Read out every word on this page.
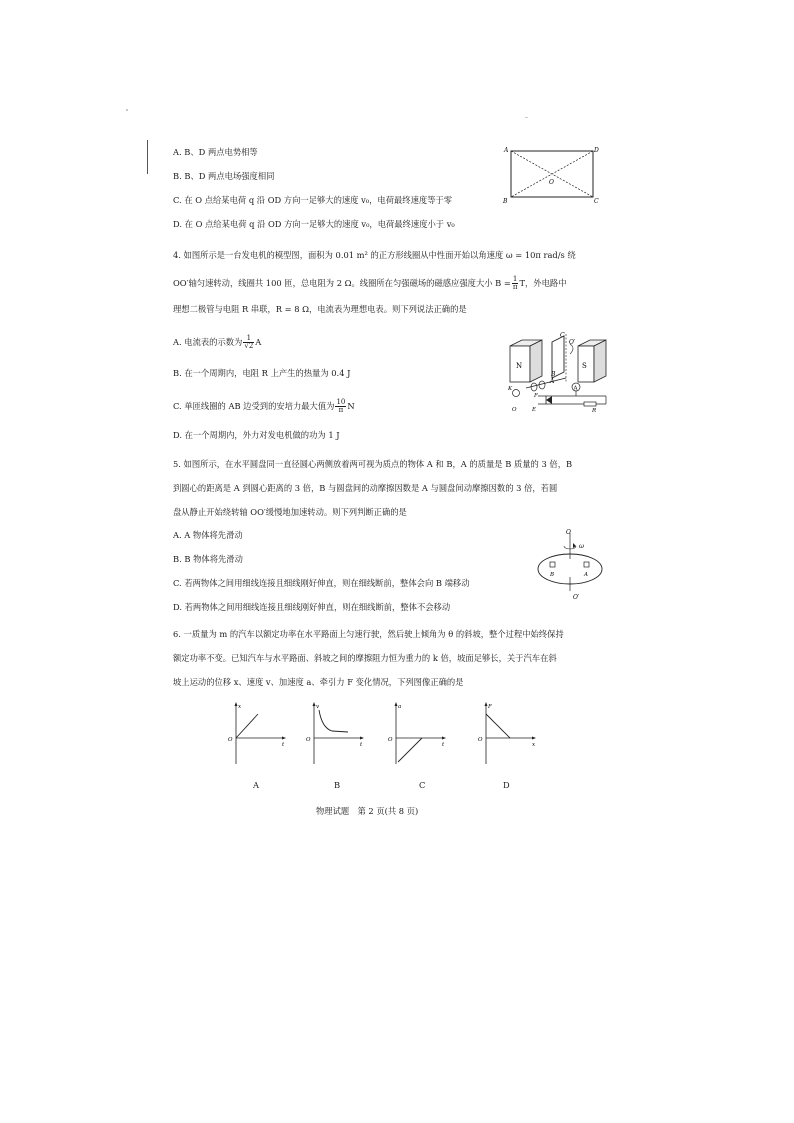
A. B、D 两点电势相等
B. B、D 两点电场强度相同
C. 在 O 点给某电荷 q 沿 OD 方向一足够大的速度 v₀，电荷最终速度等于零
D. 在 O 点给某电荷 q 沿 OD 方向一足够大的速度 v₀，电荷最终速度小于 v₀
A	D
B	C
O
4. 如图所示是一台发电机的模型图，面积为 0.01 m² 的正方形线圈从中性面开始以角速度 ω = 10π rad/s 绕
OO′轴匀速转动，线圈共 100 匝，总电阻为 2 Ω。线圈所在匀强磁场的磁感应强度大小 $B = \frac{1}{\pi}$ T，外电路中
理想二极管与电阻 R 串联，R = 8 Ω，电流表为理想电表。则下列说法正确的是
A. 电流表的示数为 $\frac{1}{√2}$ A
B. 在一个周期内，电阻 R 上产生的热量为 0.4 J
C. 单匝线圈的 AB 边受到的安培力最大值为 $\frac{10}{\pi}$ N
D. 在一个周期内，外力对发电机做的功为 1 J
N	S
C
O′
A
B
K
F
E
O
A
R
5. 如图所示，在水平圆盘同一直径圆心两侧放着两可视为质点的物体 A 和 B，A 的质量是 B 质量的 3 倍，B
到圆心的距离是 A 到圆心距离的 3 倍，B 与圆盘间的动摩擦因数是 A 与圆盘间动摩擦因数的 3 倍，若圆
盘从静止开始绕转轴 OO′缓慢地加速转动。则下列判断正确的是
A. A 物体将先滑动
B. B 物体将先滑动
C. 若两物体之间用细线连接且细线刚好伸直，则在细线断前，整体会向 B 端移动
D. 若两物体之间用细线连接且细线刚好伸直，则在细线断前，整体不会移动
O
O′
ω
B	A
6. 一质量为 m 的汽车以额定功率在水平路面上匀速行驶，然后驶上倾角为 θ 的斜坡，整个过程中始终保持
额定功率不变。已知汽车与水平路面、斜坡之间的摩擦阻力恒为重力的 k 倍，坡面足够长，关于汽车在斜
坡上运动的位移 x、速度 v、加速度 a、牵引力 F 变化情况，下列图像正确的是
x
t
O
v
t
O
a
t
O
F
x
O
A	B	C	D
物理试题　第 2 页(共 8 页)
